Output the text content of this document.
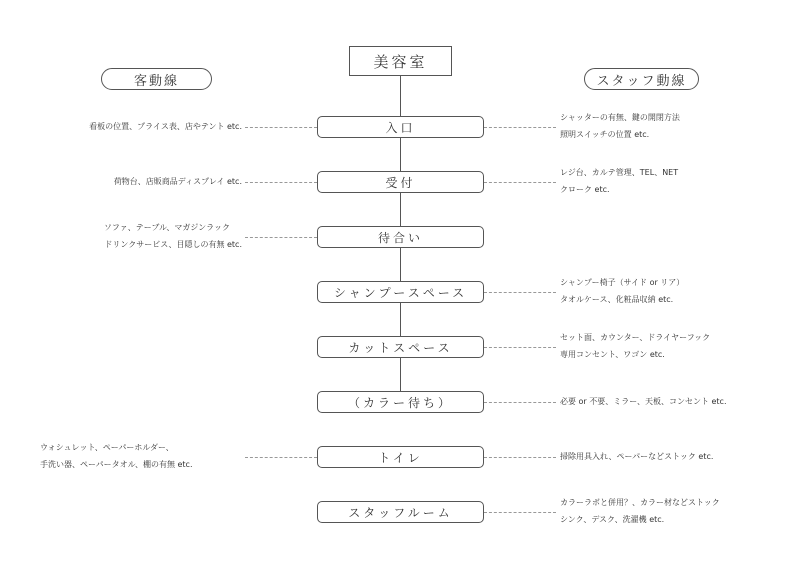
美容室
客動線	スタッフ動線
入口
看板の位置、プライス表、店やテント etc.
シャッターの有無、鍵の開閉方法
照明スイッチの位置 etc.
受付
荷物台、店販商品ディスプレイ etc.
レジ台、カルテ管理、TEL、NET
クローク etc.
待合い
ソファ、テーブル、マガジンラック
ドリンクサービス、目隠しの有無 etc.
シャンプースペース
シャンプー椅子（サイド or リア）
タオルケース、化粧品収納 etc.
カットスペース
セット面、カウンター、ドライヤーフック
専用コンセント、ワゴン etc.
（カラー待ち）	必要 or 不要、ミラー、天板、コンセント etc.
トイレ
ウォシュレット、ペーパーホルダー、
手洗い器、ペーパータオル、棚の有無 etc.
掃除用具入れ、ペーパーなどストック etc.
スタッフルーム
カラーラボと併用？、カラー材などストック
シンク、デスク、洗濯機 etc.
